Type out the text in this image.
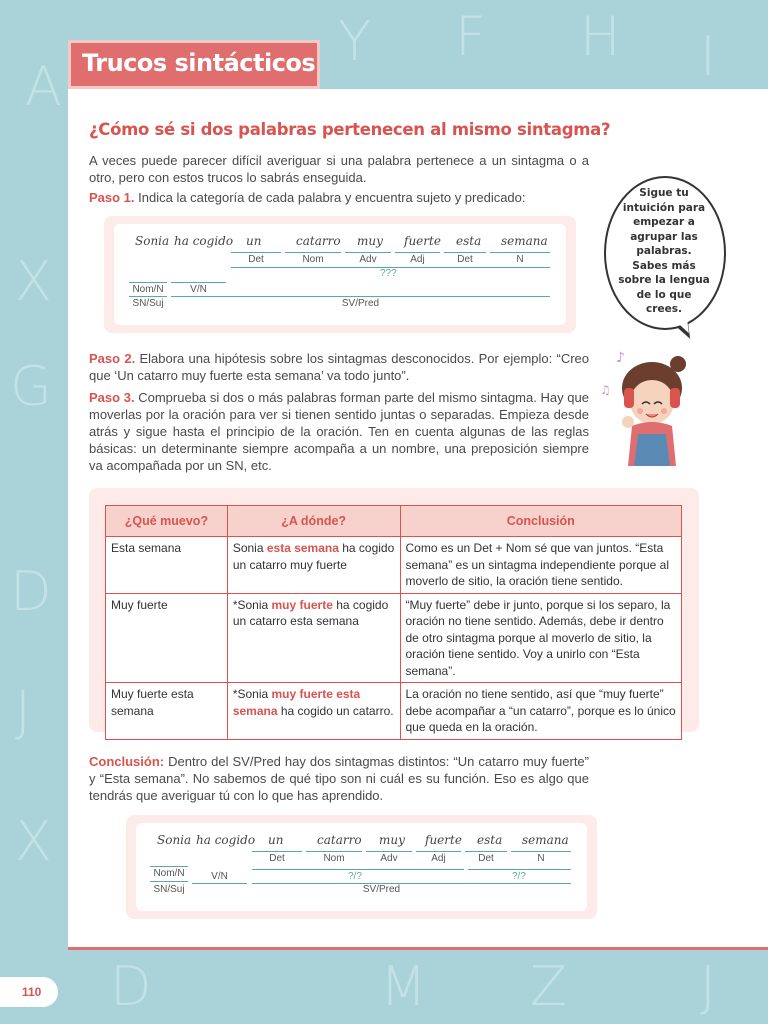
A
Y F H I
X
G
D
J
X
D	M Z J
Trucos sintácticos
¿Cómo sé si dos palabras pertenecen al mismo sintagma?
A veces puede parecer difícil averiguar si una palabra pertenece a un sintagma o a otro, pero con estos trucos lo sabrás enseguida.
Paso 1. Indica la categoría de cada palabra y encuentra sujeto y predicado:
Sonia ha cogido un	catarro muy fuerte esta semana
Det	Nom	Adv	Adj	Det	N
???
Nom/N	V/N
SN/Suj	SV/Pred
Sigue tu intuición para empezar a agrupar las palabras. Sabes más sobre la lengua de lo que crees.
♪
♫
Paso 2. Elabora una hipótesis sobre los sintagmas desconocidos. Por ejemplo: “Creo que ‘Un catarro muy fuerte esta semana’ va todo junto”.
Paso 3. Comprueba si dos o más palabras forman parte del mismo sintagma. Hay que moverlas por la oración para ver si tienen sentido juntas o separadas. Empieza desde atrás y sigue hasta el principio de la oración. Ten en cuenta algunas de las reglas básicas: un determinante siempre acompaña a un nombre, una preposición siempre va acompañada por un SN, etc.
¿Qué muevo?	¿A dónde?	Conclusión
Esta semana	Sonia esta semana ha cogido un catarro muy fuerte	Como es un Det + Nom sé que van juntos. “Esta semana” es un sintagma independiente porque al moverlo de sitio, la oración tiene sentido.
Muy fuerte	*Sonia muy fuerte ha cogido un catarro esta semana	“Muy fuerte” debe ir junto, porque si los separo, la oración no tiene sentido. Además, debe ir dentro de otro sintagma porque al moverlo de sitio, la oración tiene sentido. Voy a unirlo con “Esta semana”.
Muy fuerte esta semana	*Sonia muy fuerte esta semana ha cogido un catarro.	La oración no tiene sentido, así que “muy fuerte” debe acompañar a “un catarro”, porque es lo único que queda en la oración.
Conclusión: Dentro del SV/Pred hay dos sintagmas distintos: “Un catarro muy fuerte” y “Esta semana”. No sabemos de qué tipo son ni cuál es su función. Eso es algo que tendrás que averiguar tú con lo que has aprendido.
Sonia ha cogido un	catarro muy fuerte esta semana
Det	Nom	Adv	Adj	Det	N
Nom/N	?/?	?/?
V/N
SN/Suj	SV/Pred
110
